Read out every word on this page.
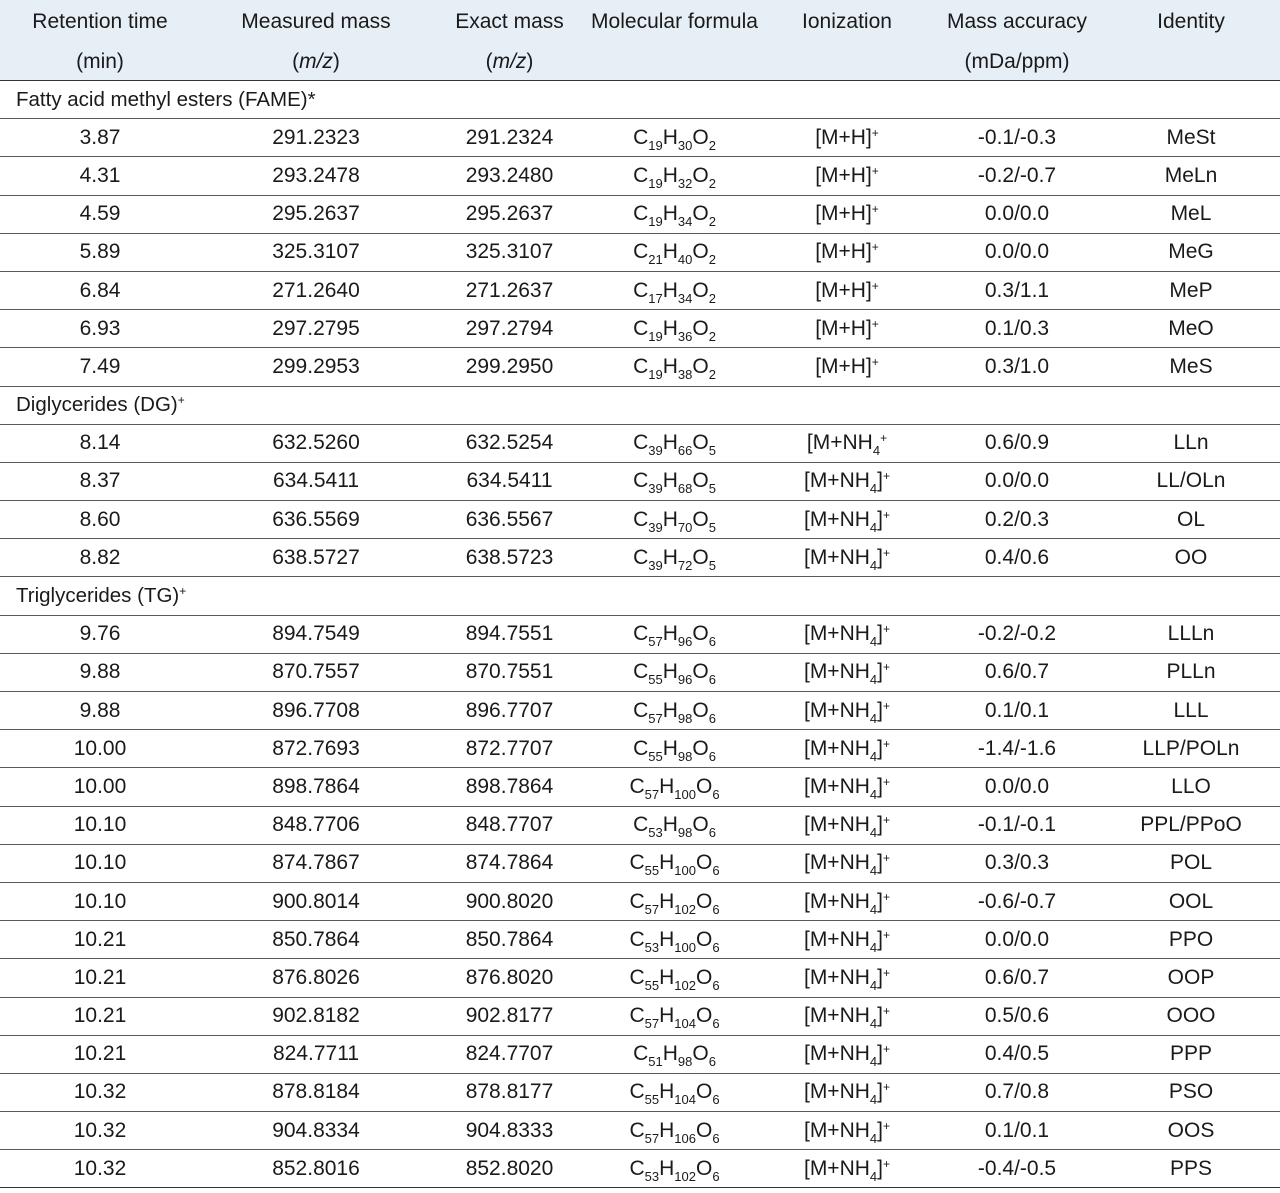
Retention time	Measured mass	Exact mass	Molecular formula	Ionization	Mass accuracy	Identity
(min)	(m/z)	(m/z)			(mDa/ppm)	
Fatty acid methyl esters (FAME)*						
3.87	291.2323	291.2324	$C_{19}H_{30}O_2$	[M+H]+	-0.1/-0.3	MeSt
4.31	293.2478	293.2480	$C_{19}H_{32}O_2$	[M+H]+	-0.2/-0.7	MeLn
4.59	295.2637	295.2637	$C_{19}H_{34}O_2$	[M+H]+	0.0/0.0	MeL
5.89	325.3107	325.3107	$C_{21}H_{40}O_2$	[M+H]+	0.0/0.0	MeG
6.84	271.2640	271.2637	$C_{17}H_{34}O_2$	[M+H]+	0.3/1.1	MeP
6.93	297.2795	297.2794	$C_{19}H_{36}O_2$	[M+H]+	0.1/0.3	MeO
7.49	299.2953	299.2950	$C_{19}H_{38}O_2$	[M+H]+	0.3/1.0	MeS
Diglycerides (DG)+
8.14	632.5260	632.5254	$C_{39}H_{66}O_5$	[$M+NH_4^+$	0.6/0.9	LLn
8.37	634.5411	634.5411	$C_{39}H_{68}O_5$	$[M+NH_4]^+$	0.0/0.0	LL/OLn
8.60	636.5569	636.5567	$C_{39}H_{70}O_5$	$[M+NH_4]^+$	0.2/0.3	OL
8.82	638.5727	638.5723	$C_{39}H_{72}O_5$	$[M+NH_4]^+$	0.4/0.6	OO
Triglycerides (TG)+
9.76	894.7549	894.7551	$C_{57}H_{96}O_6$	$[M+NH_4]^+$	-0.2/-0.2	LLLn
9.88	870.7557	870.7551	$C_{55}H_{96}O_6$	$[M+NH_4]^+$	0.6/0.7	PLLn
9.88	896.7708	896.7707	$C_{57}H_{98}O_6$	$[M+NH_4]^+$	0.1/0.1	LLL
10.00	872.7693	872.7707	$C_{55}H_{98}O_6$	$[M+NH_4]^+$	-1.4/-1.6	LLP/POLn
10.00	898.7864	898.7864	$C_{57}H_{100}O_6$	$[M+NH_4]^+$	0.0/0.0	LLO
10.10	848.7706	848.7707	$C_{53}H_{98}O_6$	$[M+NH_4]^+$	-0.1/-0.1	PPL/PPoO
10.10	874.7867	874.7864	$C_{55}H_{100}O_6$	$[M+NH_4]^+$	0.3/0.3	POL
10.10	900.8014	900.8020	$C_{57}H_{102}O_6$	$[M+NH_4]^+$	-0.6/-0.7	OOL
10.21	850.7864	850.7864	$C_{53}H_{100}O_6$	$[M+NH_4]^+$	0.0/0.0	PPO
10.21	876.8026	876.8020	$C_{55}H_{102}O_6$	$[M+NH_4]^+$	0.6/0.7	OOP
10.21	902.8182	902.8177	$C_{57}H_{104}O_6$	$[M+NH_4]^+$	0.5/0.6	OOO
10.21	824.7711	824.7707	$C_{51}H_{98}O_6$	$[M+NH_4]^+$	0.4/0.5	PPP
10.32	878.8184	878.8177	$C_{55}H_{104}O_6$	$[M+NH_4]^+$	0.7/0.8	PSO
10.32	904.8334	904.8333	$C_{57}H_{106}O_6$	$[M+NH_4]^+$	0.1/0.1	OOS
10.32	852.8016	852.8020	$C_{53}H_{102}O_6$	$[M+NH_4]^+$	-0.4/-0.5	PPS
